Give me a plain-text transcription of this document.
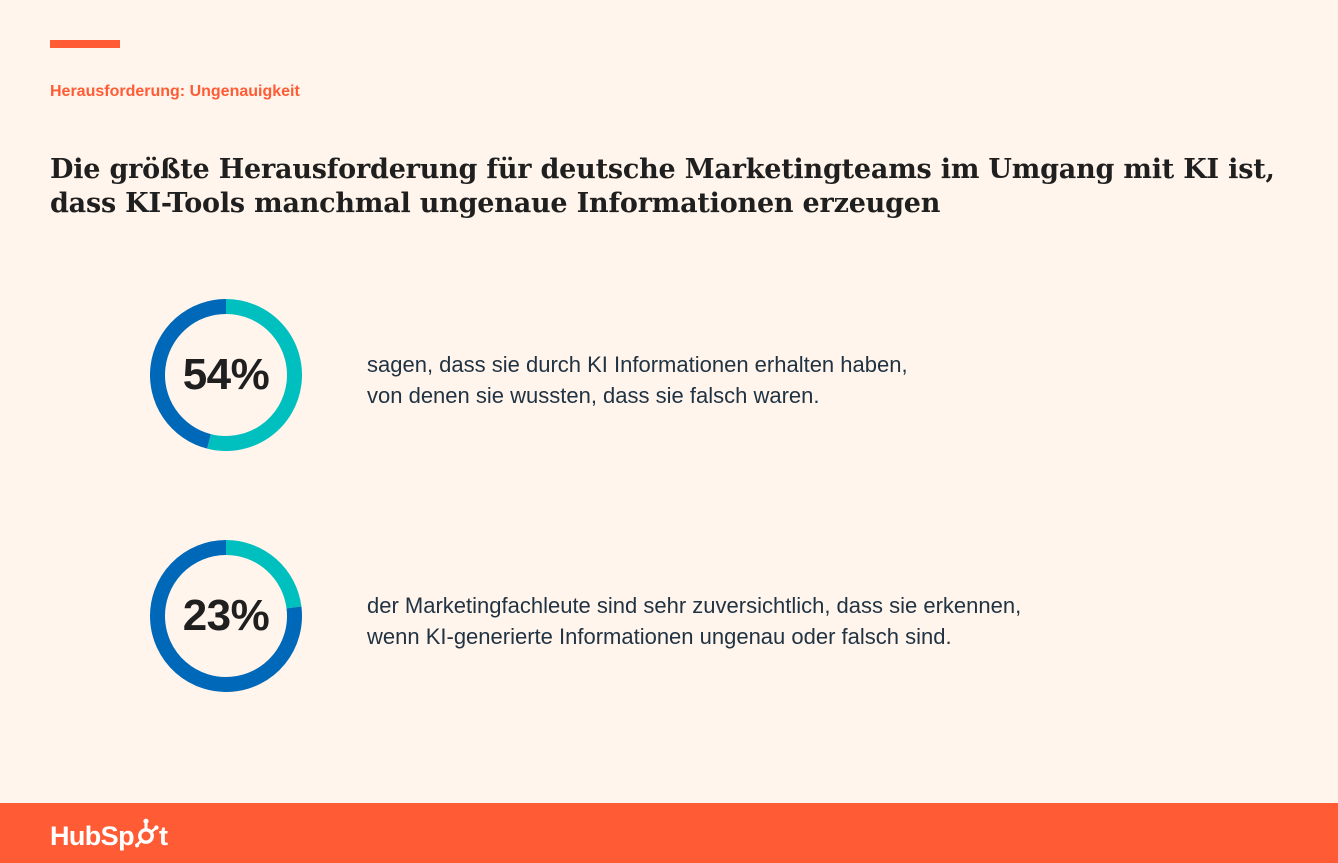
Herausforderung: Ungenauigkeit
Die größte Herausforderung für deutsche Marketingteams im Umgang mit KI ist,
dass KI-Tools manchmal ungenaue Informationen erzeugen
54%	sagen, dass sie durch KI Informationen erhalten haben,
von denen sie wussten, dass sie falsch waren.
23%	der Marketingfachleute sind sehr zuversichtlich, dass sie erkennen,
wenn KI-generierte Informationen ungenau oder falsch sind.
HubSp t
